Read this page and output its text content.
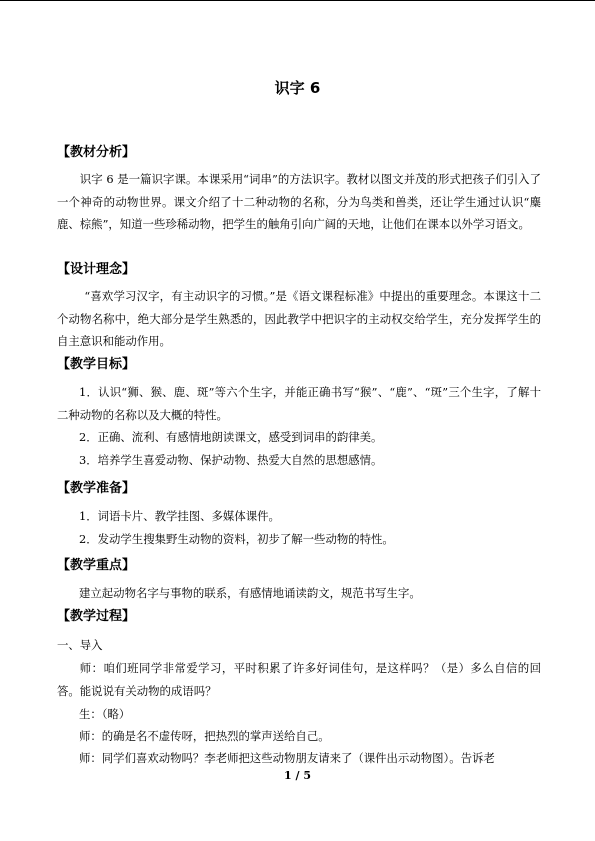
识字 6
【教材分析】
识字 6 是一篇识字课。本课采用“词串”的方法识字。教材以图文并茂的形式把孩子们引入了一个神奇的动物世界。课文介绍了十二种动物的名称，分为鸟类和兽类，还让学生通过认识“麋鹿、棕熊”，知道一些珍稀动物，把学生的触角引向广阔的天地，让他们在课本以外学习语文。
【设计理念】
“喜欢学习汉字，有主动识字的习惯。”是《语文课程标准》中提出的重要理念。本课这十二个动物名称中，绝大部分是学生熟悉的，因此教学中把识字的主动权交给学生，充分发挥学生的自主意识和能动作用。
【教学目标】
1．认识“狮、猴、鹿、斑”等六个生字，并能正确书写“猴”、“鹿”、“斑”三个生字，了解十二种动物的名称以及大概的特性。
2．正确、流利、有感情地朗读课文，感受到词串的韵律美。
3．培养学生喜爱动物、保护动物、热爱大自然的思想感情。
【教学准备】
1．词语卡片、教学挂图、多媒体课件。
2．发动学生搜集野生动物的资料，初步了解一些动物的特性。
【教学重点】
建立起动物名字与事物的联系，有感情地诵读韵文，规范书写生字。
【教学过程】
一、导入
师：咱们班同学非常爱学习，平时积累了许多好词佳句，是这样吗？（是）多么自信的回答。能说说有关动物的成语吗？
生：（略）
师：的确是名不虚传呀，把热烈的掌声送给自己。
师：同学们喜欢动物吗？李老师把这些动物朋友请来了（课件出示动物图）。告诉老
1 / 5
